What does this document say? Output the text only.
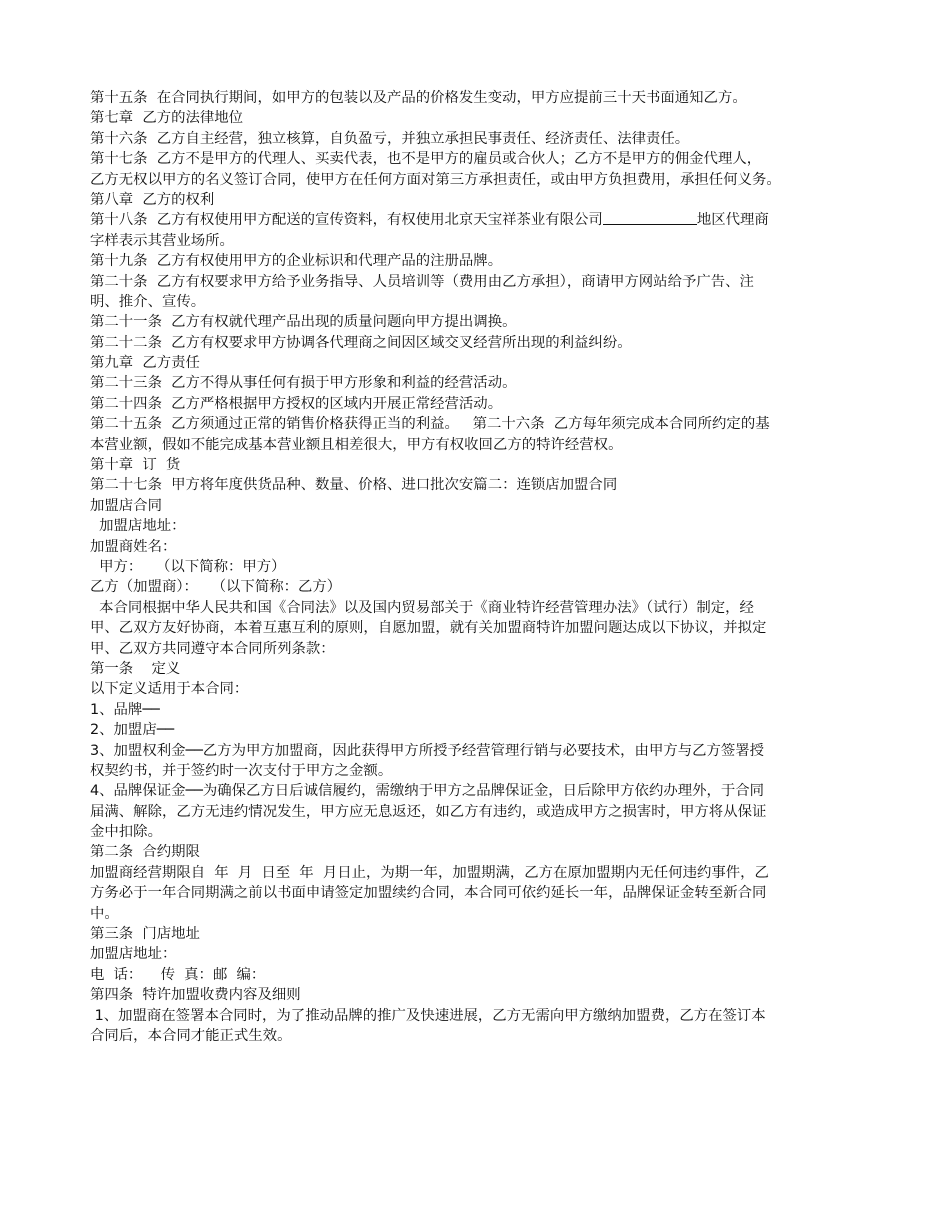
第十五条  在合同执行期间，如甲方的包装以及产品的价格发生变动，甲方应提前三十天书面通知乙方。
第七章  乙方的法律地位
第十六条  乙方自主经营，独立核算，自负盈亏，并独立承担民事责任、经济责任、法律责任。
第十七条  乙方不是甲方的代理人、买卖代表，也不是甲方的雇员或合伙人；乙方不是甲方的佣金代理人，
乙方无权以甲方的名义签订合同，使甲方在任何方面对第三方承担责任，或由甲方负担费用，承担任何义务。
第八章  乙方的权利
第十八条  乙方有权使用甲方配送的宣传资料，有权使用北京天宝祥茶业有限公司	地区代理商
字样表示其营业场所。
第十九条  乙方有权使用甲方的企业标识和代理产品的注册品牌。
第二十条  乙方有权要求甲方给予业务指导、人员培训等（费用由乙方承担），商请甲方网站给予广告、注
明、推介、宣传。
第二十一条  乙方有权就代理产品出现的质量问题向甲方提出调换。
第二十二条  乙方有权要求甲方协调各代理商之间因区域交叉经营所出现的利益纠纷。
第九章  乙方责任
第二十三条  乙方不得从事任何有损于甲方形象和利益的经营活动。
第二十四条  乙方严格根据甲方授权的区域内开展正常经营活动。
第二十五条  乙方须通过正常的销售价格获得正当的利益。   第二十六条  乙方每年须完成本合同所约定的基
本营业额，假如不能完成基本营业额且相差很大，甲方有权收回乙方的特许经营权。
第十章  订  货
第二十七条  甲方将年度供货品种、数量、价格、进口批次安篇二：连锁店加盟合同
加盟店合同
加盟店地址：
加盟商姓名：
甲方：   （以下简称：甲方）
乙方（加盟商）：   （以下简称：乙方）
本合同根据中华人民共和国《合同法》以及国内贸易部关于《商业特许经营管理办法》（试行）制定，经
甲、乙双方友好协商，本着互惠互利的原则，自愿加盟，就有关加盟商特许加盟问题达成以下协议，并拟定
甲、乙双方共同遵守本合同所列条款：
第一条    定义
以下定义适用于本合同：
1、品牌──
2、加盟店──
3、加盟权利金──乙方为甲方加盟商，因此获得甲方所授予经营管理行销与必要技术，由甲方与乙方签署授
权契约书，并于签约时一次支付于甲方之金额。
4、品牌保证金──为确保乙方日后诚信履约，需缴纳于甲方之品牌保证金，日后除甲方依约办理外，于合同
届满、解除，乙方无违约情况发生，甲方应无息返还，如乙方有违约，或造成甲方之损害时，甲方将从保证
金中扣除。
第二条  合约期限
加盟商经营期限自  年  月  日至  年  月日止，为期一年，加盟期满，乙方在原加盟期内无任何违约事件，乙
方务必于一年合同期满之前以书面申请签定加盟续约合同，本合同可依约延长一年，品牌保证金转至新合同
中。
第三条  门店地址
加盟店地址：
电  话：    传  真：邮  编：
第四条  特许加盟收费内容及细则
1、加盟商在签署本合同时，为了推动品牌的推广及快速进展，乙方无需向甲方缴纳加盟费，乙方在签订本
合同后，本合同才能正式生效。
